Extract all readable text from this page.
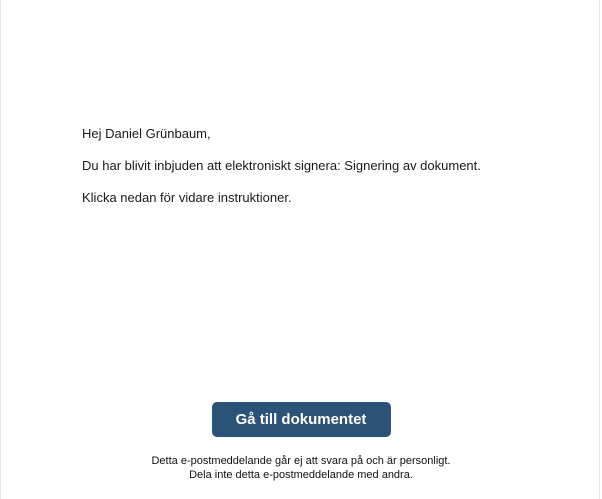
Hej Daniel Grünbaum,

Du har blivit inbjuden att elektroniskt signera: Signering av dokument.

Klicka nedan för vidare instruktioner.

Gå till dokumentet
Detta e-postmeddelande går ej att svara på och är personligt.
Dela inte detta e-postmeddelande med andra.
